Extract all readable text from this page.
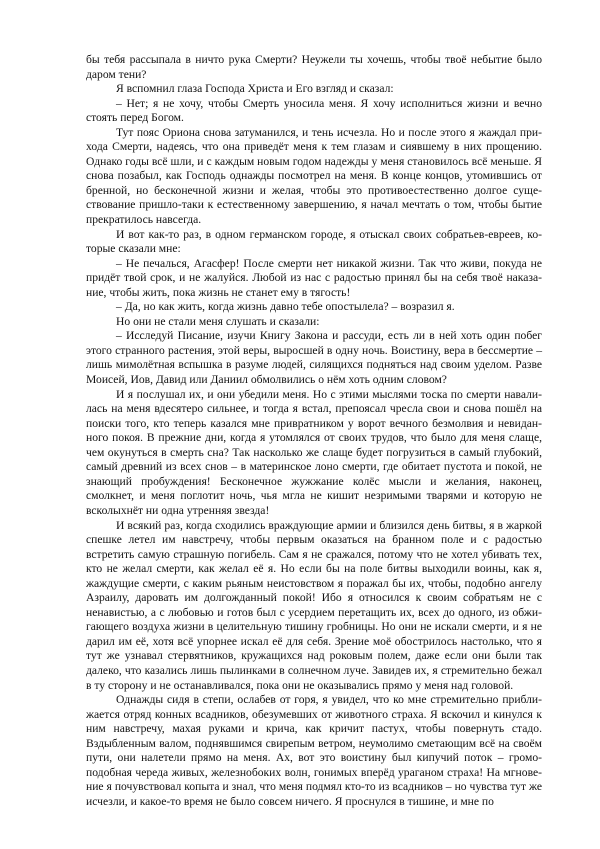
бы тебя рассыпала в ничто рука Смерти? Неужели ты хочешь, чтобы твоё небытие было даром тени?

Я вспомнил глаза Господа Христа и Его взгляд и сказал:

– Нет; я не хочу, чтобы Смерть уносила меня. Я хочу исполниться жизни и вечно стоять перед Богом.

Тут пояс Ориона снова затуманился, и тень исчезла. Но и после этого я жаждал прихода Смерти, надеясь, что она приведёт меня к тем глазам и сиявшему в них прощению. Однако годы всё шли, и с каждым новым годом надежды у меня становилось всё меньше. Я снова позабыл, как Господь однажды посмотрел на меня. В конце концов, утомившись от бренной, но бесконечной жизни и желая, чтобы это противоестественно долгое существование пришло-таки к естественному завершению, я начал мечтать о том, чтобы бытие прекратилось навсегда.

И вот как-то раз, в одном германском городе, я отыскал своих собратьев-евреев, которые сказали мне:

– Не печалься, Агасфер! После смерти нет никакой жизни. Так что живи, покуда не придёт твой срок, и не жалуйся. Любой из нас с радостью принял бы на себя твоё наказание, чтобы жить, пока жизнь не станет ему в тягость!

– Да, но как жить, когда жизнь давно тебе опостылела? – возразил я.

Но они не стали меня слушать и сказали:

– Исследуй Писание, изучи Книгу Закона и рассуди, есть ли в ней хоть один побег этого странного растения, этой веры, выросшей в одну ночь. Воистину, вера в бессмертие – лишь мимолётная вспышка в разуме людей, силящихся подняться над своим уделом. Разве Моисей, Иов, Давид или Даниил обмолвились о нём хоть одним словом?

И я послушал их, и они убедили меня. Но с этими мыслями тоска по смерти навалилась на меня вдесятеро сильнее, и тогда я встал, препоясал чресла свои и снова пошёл на поиски того, кто теперь казался мне привратником у ворот вечного безмолвия и невиданного покоя. В прежние дни, когда я утомлялся от своих трудов, что было для меня слаще, чем окунуться в смерть сна? Так насколько же слаще будет погрузиться в самый глубокий, самый древний из всех снов – в материнское лоно смерти, где обитает пустота и покой, не знающий пробуждения! Бесконечное жужжание колёс мысли и желания, наконец, смолкнет, и меня поглотит ночь, чья мгла не кишит незримыми тварями и которую не всколыхнёт ни одна утренняя звезда!

И всякий раз, когда сходились враждующие армии и близился день битвы, я в жаркой спешке летел им навстречу, чтобы первым оказаться на бранном поле и с радостью встретить самую страшную погибель. Сам я не сражался, потому что не хотел убивать тех, кто не желал смерти, как желал её я. Но если бы на поле битвы выходили воины, как я, жаждущие смерти, с каким рьяным неистовством я поражал бы их, чтобы, подобно ангелу Азраилу, даровать им долгожданный покой! Ибо я относился к своим собратьям не с ненавистью, а с любовью и готов был с усердием перетащить их, всех до одного, из обжигающего воздуха жизни в целительную тишину гробницы. Но они не искали смерти, и я не дарил им её, хотя всё упорнее искал её для себя. Зрение моё обострилось настолько, что я тут же узнавал стервятников, кружащихся над роковым полем, даже если они были так далеко, что казались лишь пылинками в солнечном луче. Завидев их, я стремительно бежал в ту сторону и не останавливался, пока они не оказывались прямо у меня над головой.

Однажды сидя в степи, ослабев от горя, я увидел, что ко мне стремительно приближается отряд конных всадников, обезумевших от животного страха. Я вскочил и кинулся к ним навстречу, махая руками и крича, как кричит пастух, чтобы повернуть стадо. Вздыбленным валом, поднявшимся свирепым ветром, неумолимо сметающим всё на своём пути, они налетели прямо на меня. Ах, вот это воистину был кипучий поток – громоподобная череда живых, железнобоких волн, гонимых вперёд ураганом страха! На мгновение я почувствовал копыта и знал, что меня подмял кто-то из всадников – но чувства тут же исчезли, и какое-то время не было совсем ничего. Я проснулся в тишине, и мне по
